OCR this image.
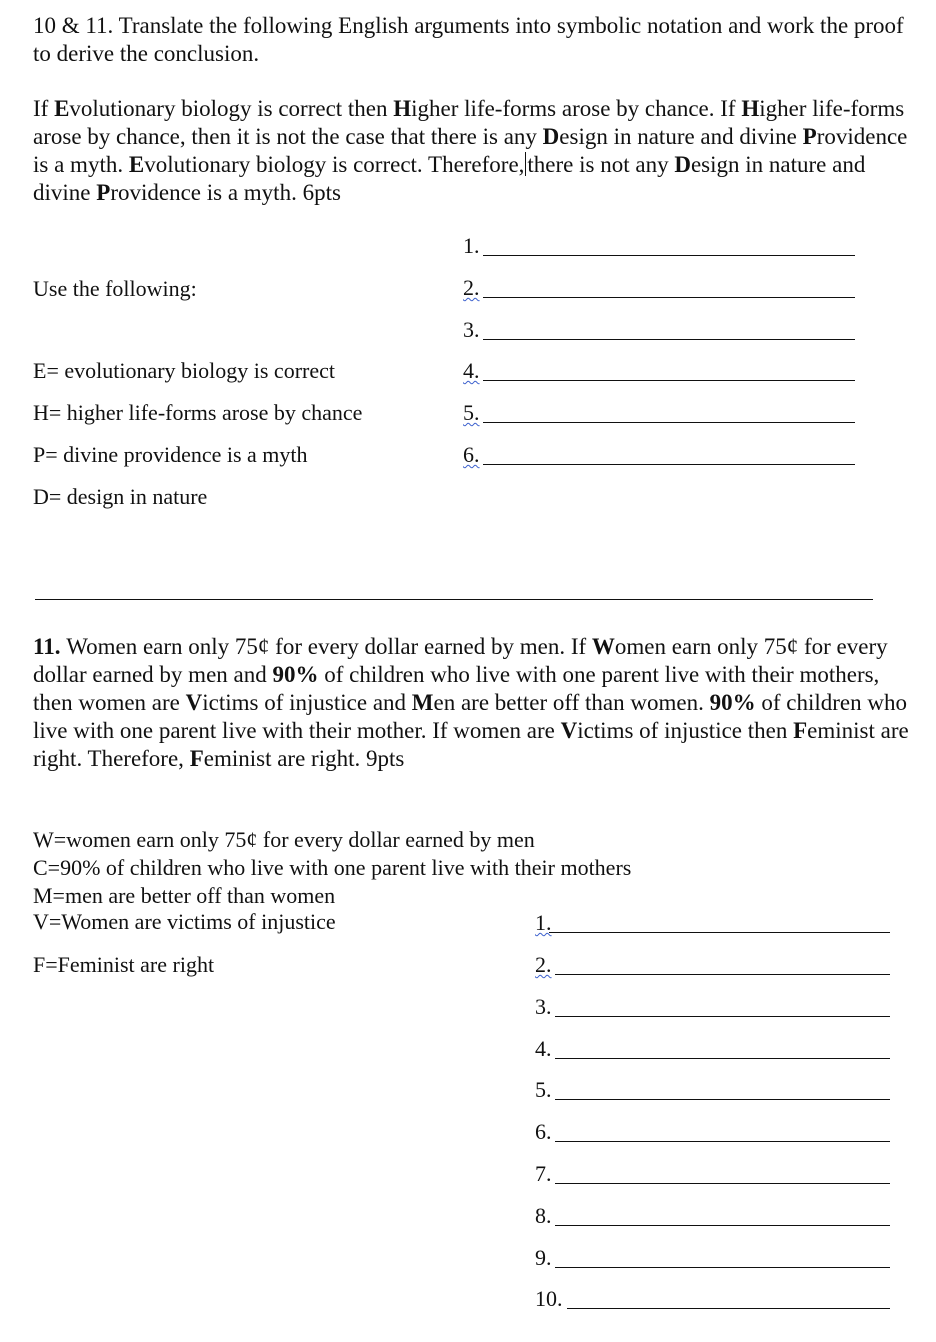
10 & 11. Translate the following English arguments into symbolic notation and work the proof to derive the conclusion.
If Evolutionary biology is correct then Higher life-forms arose by chance. If Higher life-forms arose by chance, then it is not the case that there is any Design in nature and divine Providence is a myth. Evolutionary biology is correct. Therefore, there is not any Design in nature and divine Providence is a myth. 6pts
Use the following:
E= evolutionary biology is correct
H= higher life-forms arose by chance
P= divine providence is a myth
D= design in nature
1.
2.
3.
4.
5.
6.
11. Women earn only 75¢ for every dollar earned by men. If Women earn only 75¢ for every dollar earned by men and 90% of children who live with one parent live with their mothers, then women are Victims of injustice and Men are better off than women. 90% of children who live with one parent live with their mother. If women are Victims of injustice then Feminist are right. Therefore, Feminist are right. 9pts
W=women earn only 75¢ for every dollar earned by men
C=90% of children who live with one parent live with their mothers
M=men are better off than women
V=Women are victims of injustice
F=Feminist are right
1.
2.
3.
4.
5.
6.
7.
8.
9.
10.
